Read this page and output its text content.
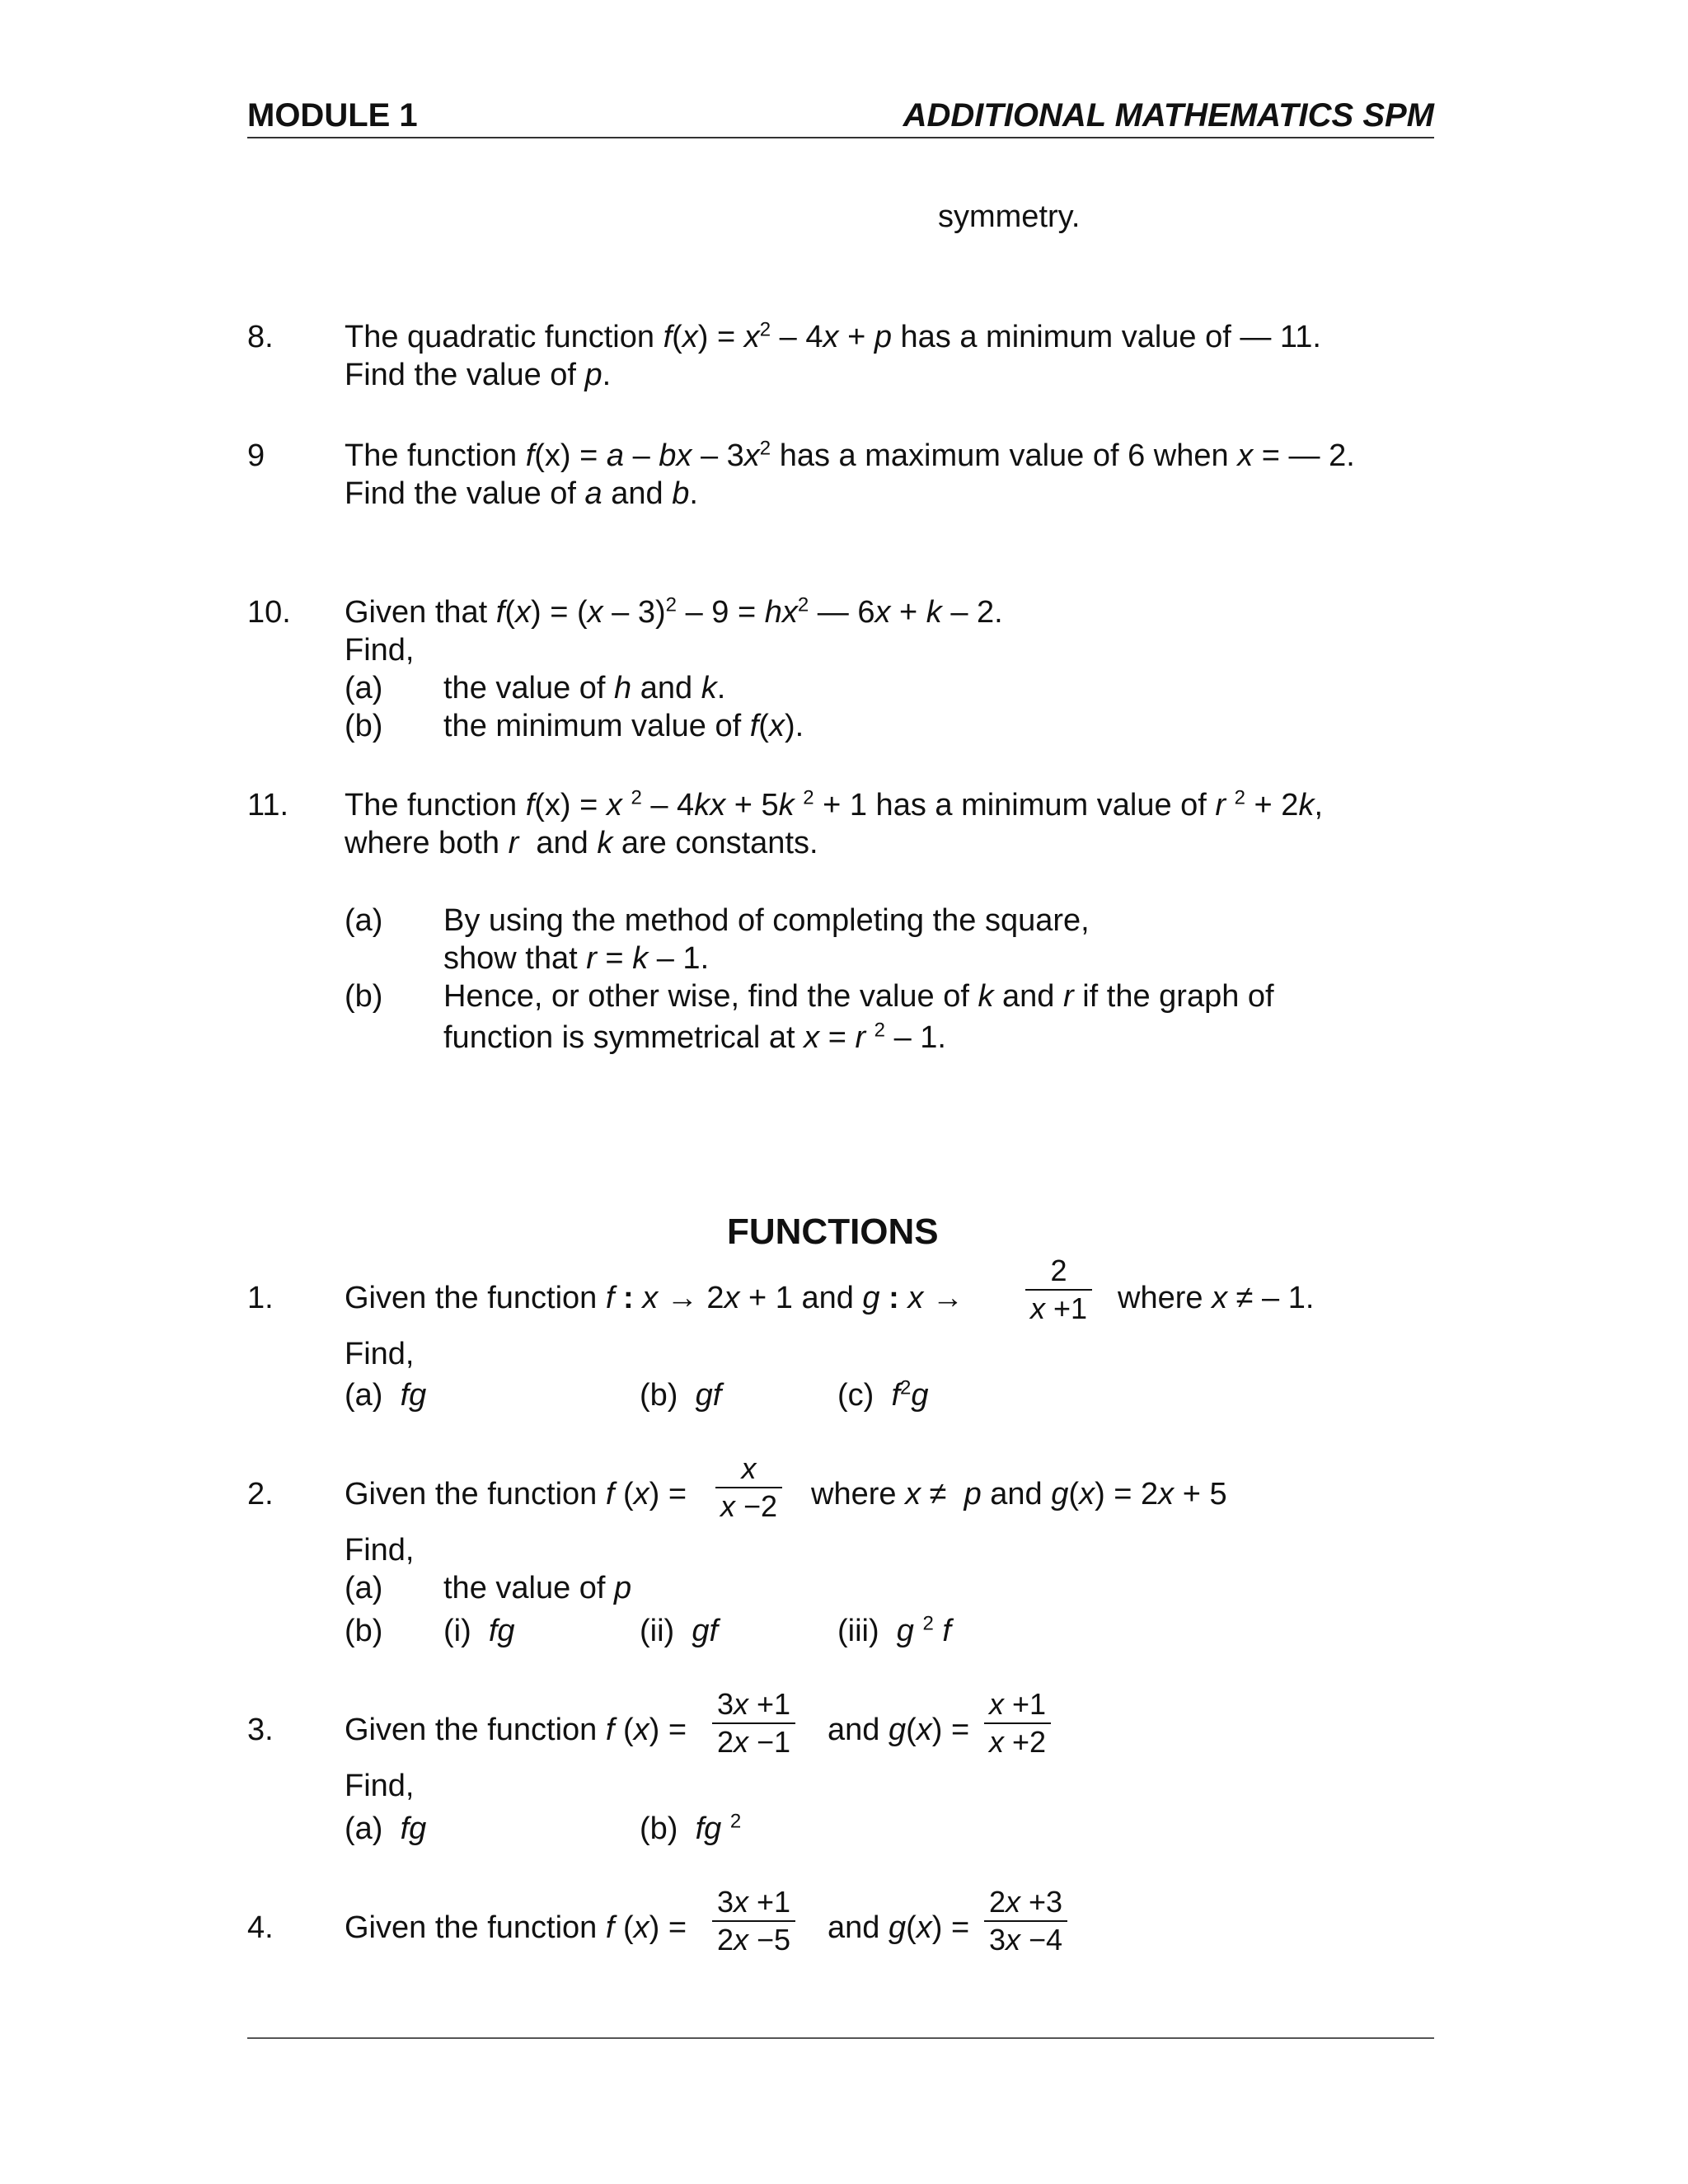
MODULE 1	ADDITIONAL MATHEMATICS SPM
symmetry.
8. The quadratic function $f(x) = x^2 - 4x + p$ has a minimum value of — 11.
Find the value of p.
9	The function f(x) = a – bx – $3x^2$ has a maximum value of 6 when x = — 2.
Find the value of a and b.
10. Given that $f(x) = (x - 3)^2 - 9 = hx^2$ — 6x + k – 2.
Find,
(a) the value of h and k.
(b) the minimum value of f(x).
11. The function f(x) = x $^2$ – 4kx + 5k $^2$ + 1 has a minimum value of r $^2$ + 2k,
where both r  and k are constants.
(a) By using the method of completing the square,
show that r = k – 1.
(b) Hence, or other wise, find the value of k and r if the graph of
function is symmetrical at x = r $^2$ – 1.
FUNCTIONS
1. Given the function f : x → 2x + 1 and g : $x \to \frac{2}{x +1}$ where x ≠ – 1.
Find,
(a)  fg	(b)  gf	(c)  $f^2g$
2. Given the function f $(x) = \frac{x}{x -2}$ where x ≠  p and g(x) = 2x + 5
Find,
(a) the value of p
(b) (i)  fg	(ii)  gf	(iii)  g $^2$ f
3. Given the function f $(x) = \frac{3x +1}{2x -1}$ and $g(x) = \frac{x +1}{x +2}$
Find,
(a)  fg	(b)  fg $^2$
4. Given the function f $(x) = \frac{3x +1}{2x -5}$ and $g(x) = \frac{2x +3}{3x -4}$
